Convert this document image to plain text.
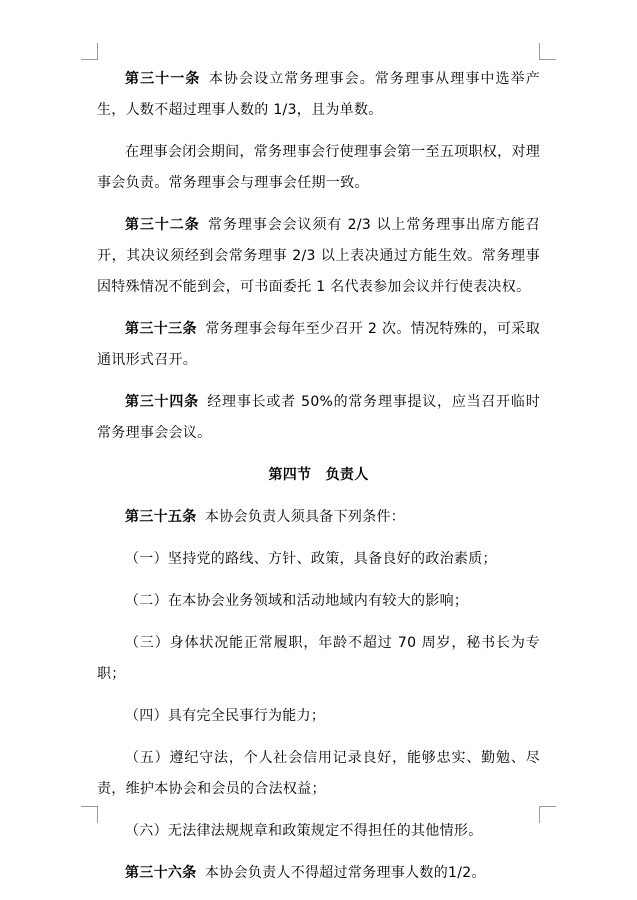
第三十一条 本协会设立常务理事会。常务理事从理事中选举产生，人数不超过理事人数的 1/3，且为单数。

在理事会闭会期间，常务理事会行使理事会第一至五项职权，对理事会负责。常务理事会与理事会任期一致。

第三十二条 常务理事会会议须有 2/3 以上常务理事出席方能召开，其决议须经到会常务理事 2/3 以上表决通过方能生效。常务理事因特殊情况不能到会，可书面委托 1 名代表参加会议并行使表决权。

第三十三条 常务理事会每年至少召开 2 次。情况特殊的，可采取通讯形式召开。

第三十四条 经理事长或者 50%的常务理事提议，应当召开临时常务理事会会议。

第四节　负责人

第三十五条 本协会负责人须具备下列条件：

（一）坚持党的路线、方针、政策，具备良好的政治素质；

（二）在本协会业务领域和活动地域内有较大的影响；

（三）身体状况能正常履职，年龄不超过 70 周岁，秘书长为专职；

（四）具有完全民事行为能力；

（五）遵纪守法，个人社会信用记录良好，能够忠实、勤勉、尽责，维护本协会和会员的合法权益；

（六）无法律法规规章和政策规定不得担任的其他情形。

第三十六条 本协会负责人不得超过常务理事人数的1/2。
